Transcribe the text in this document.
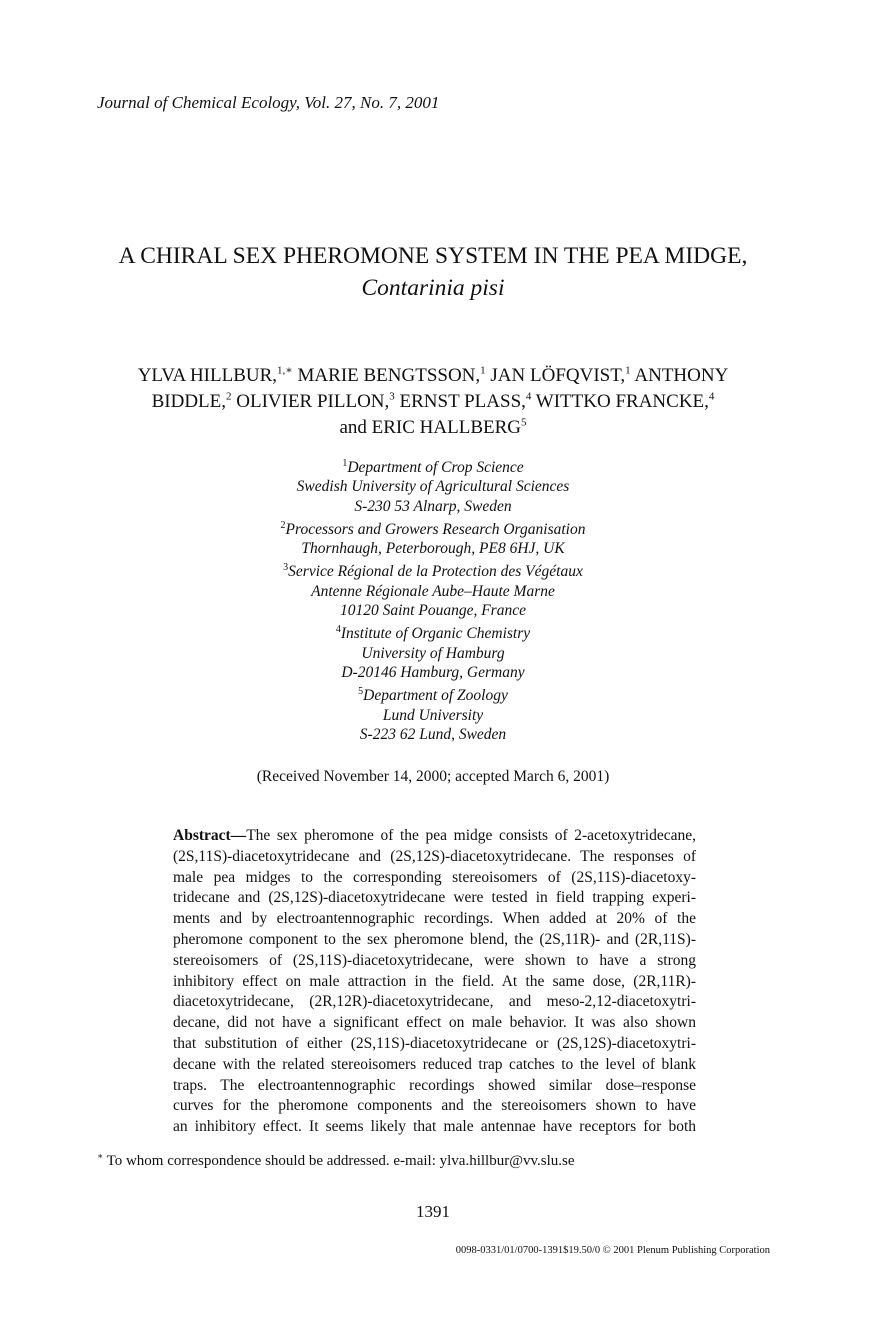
Journal of Chemical Ecology, Vol. 27, No. 7, 2001
A CHIRAL SEX PHEROMONE SYSTEM IN THE PEA MIDGE,
Contarinia pisi
YLVA HILLBUR,$^{1,∗}$ MARIE BENGTSSON,$^1$ JAN LÖFQVIST,$^1$ ANTHONY
BIDDLE,$^2$ OLIVIER PILLON,$^3$ ERNST PLASS,$^4$ WITTKO FRANCKE,$^4$
and ERIC HALLBERG$^5$
$^1$Department of Crop Science
Swedish University of Agricultural Sciences
S-230 53 Alnarp, Sweden
$^2$Processors and Growers Research Organisation
Thornhaugh, Peterborough, PE8 6HJ, UK
$^3$Service Régional de la Protection des Végétaux
Antenne Régionale Aube–Haute Marne
10120 Saint Pouange, France
$^4$Institute of Organic Chemistry
University of Hamburg
D-20146 Hamburg, Germany
$^5$Department of Zoology
Lund University
S-223 62 Lund, Sweden
(Received November 14, 2000; accepted March 6, 2001)
Abstract—The sex pheromone of the pea midge consists of 2-acetoxytridecane,
(2S,11S)-diacetoxytridecane and (2S,12S)-diacetoxytridecane. The responses of
male pea midges to the corresponding stereoisomers of (2S,11S)-diacetoxy-
tridecane and (2S,12S)-diacetoxytridecane were tested in field trapping experi-
ments and by electroantennographic recordings. When added at 20% of the
pheromone component to the sex pheromone blend, the (2S,11R)- and (2R,11S)-
stereoisomers of (2S,11S)-diacetoxytridecane, were shown to have a strong
inhibitory effect on male attraction in the field. At the same dose, (2R,11R)-
diacetoxytridecane, (2R,12R)-diacetoxytridecane, and meso-2,12-diacetoxytri-
decane, did not have a significant effect on male behavior. It was also shown
that substitution of either (2S,11S)-diacetoxytridecane or (2S,12S)-diacetoxytri-
decane with the related stereoisomers reduced trap catches to the level of blank
traps. The electroantennographic recordings showed similar dose–response
curves for the pheromone components and the stereoisomers shown to have
an inhibitory effect. It seems likely that male antennae have receptors for both
∗ To whom correspondence should be addressed. e-mail: ylva.hillbur@vv.slu.se
1391
0098-0331/01/0700-1391$19.50/0 © 2001 Plenum Publishing Corporation
